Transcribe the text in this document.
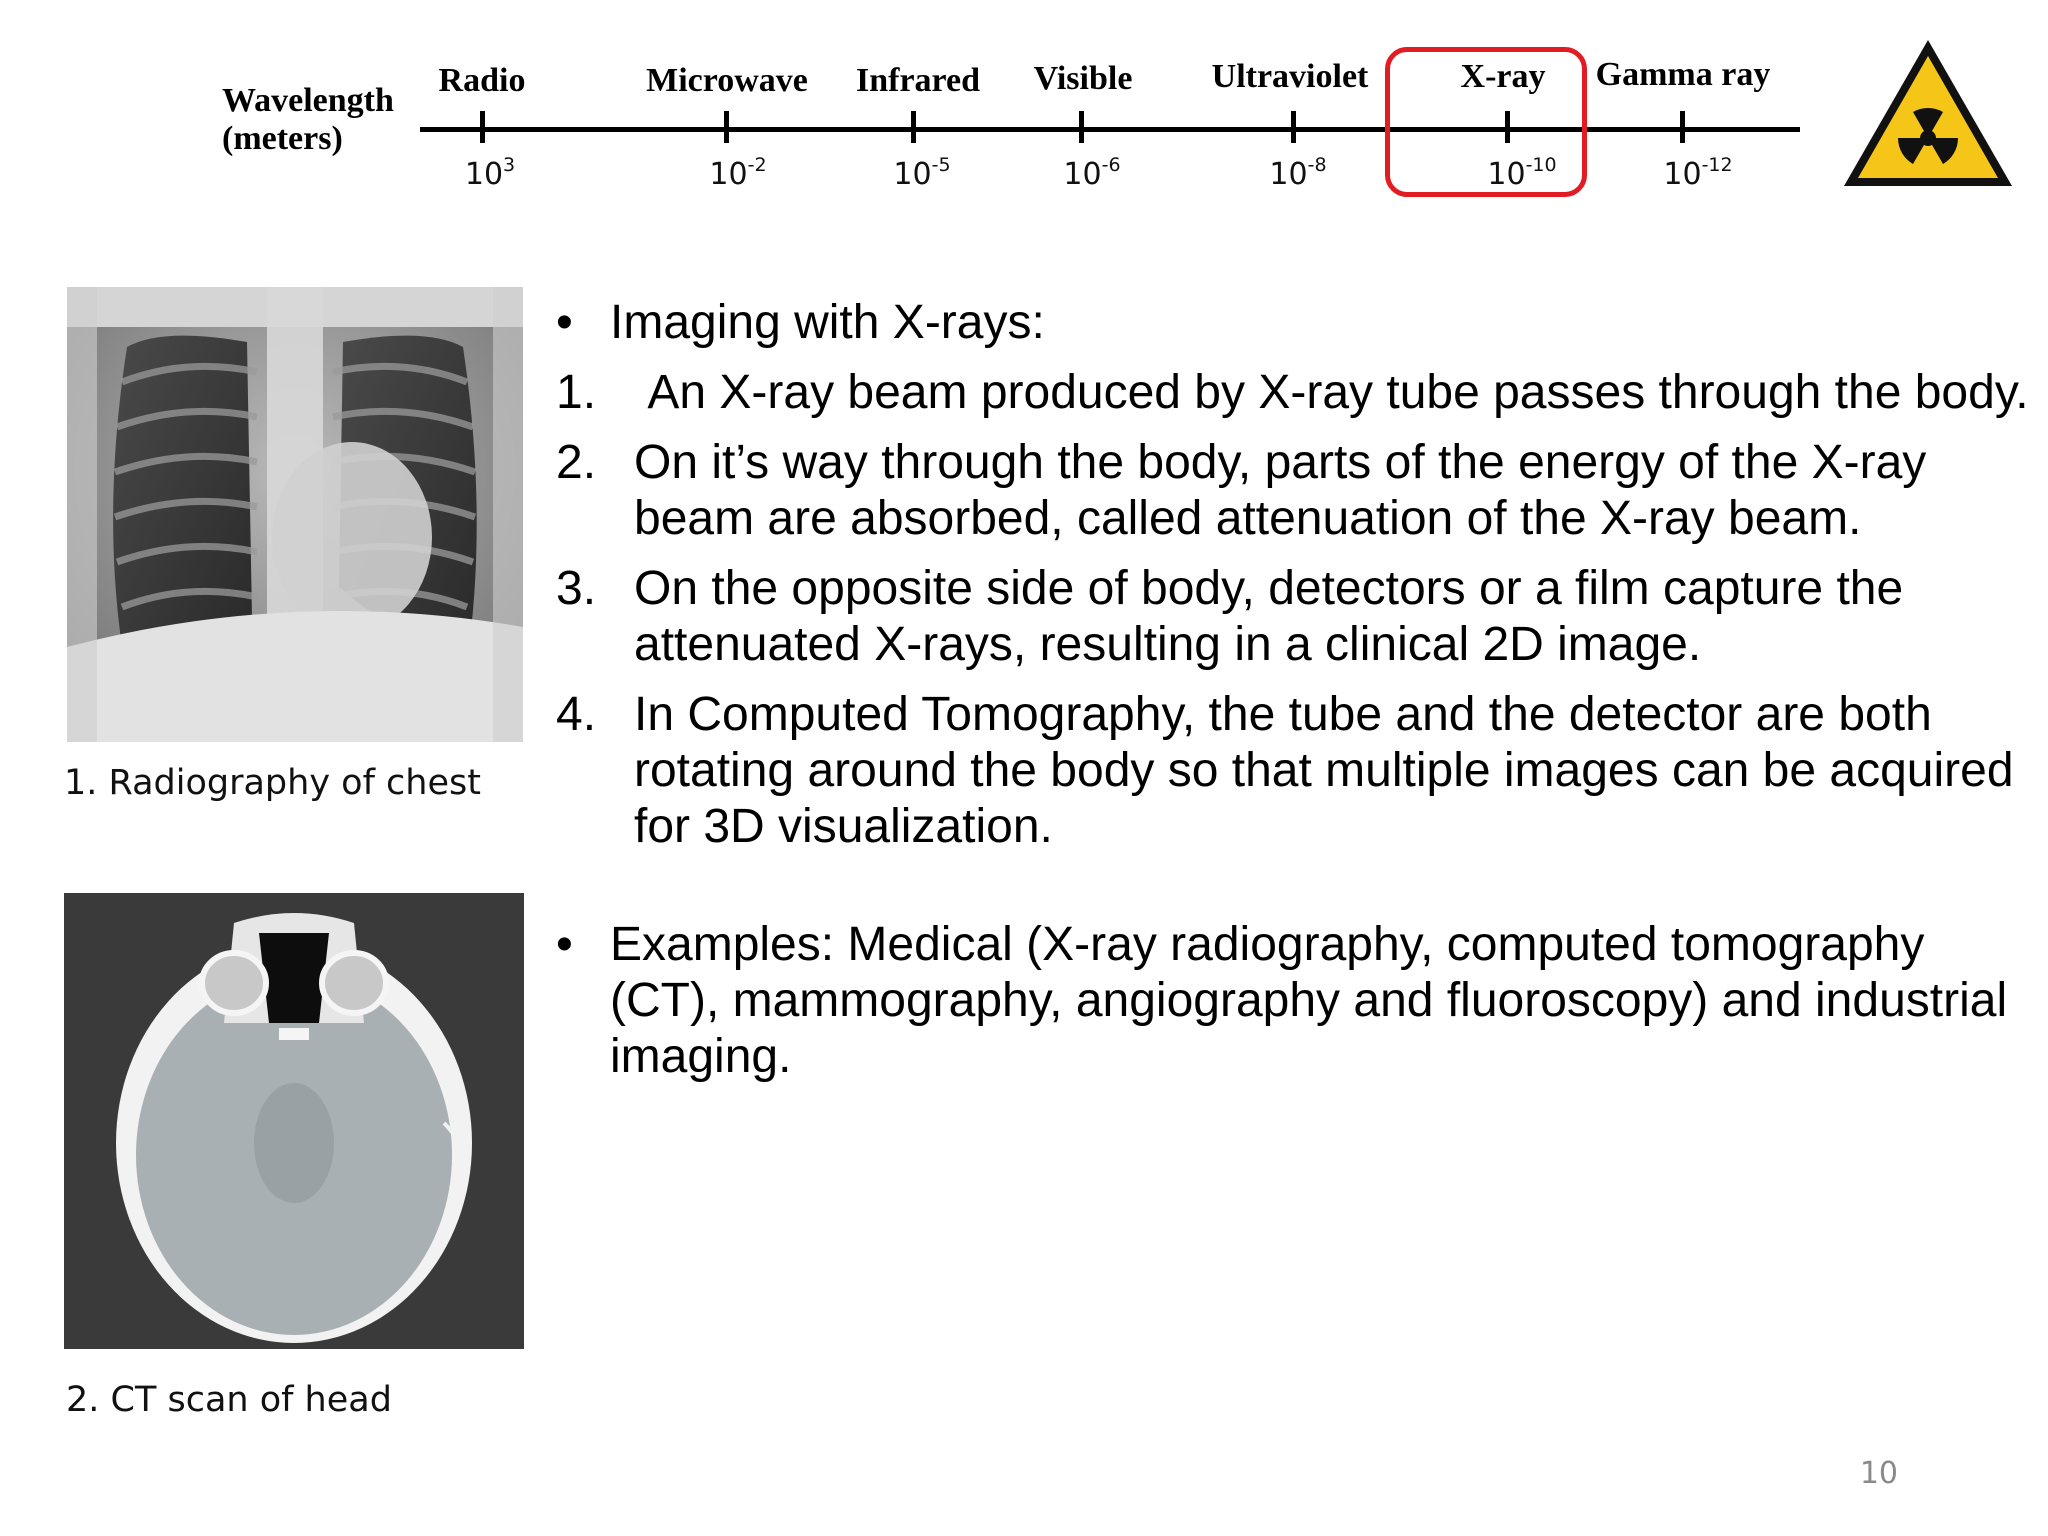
Wavelength
(meters)
Radio	Microwave Infrared Visible Ultraviolet	X-ray Gamma ray
$10^3$	$10^{-2}$	$10^{-5}$	$10^{-6}$	$10^{-8}$	$10^{-10}$	$10^{-12}$
1. Radiography of chest
2. CT scan of head
• Imaging with X-rays:
1. An X-ray beam produced by X-ray tube passes through the body.
2. On it’s way through the body, parts of the energy of the X-ray beam are absorbed, called attenuation of the X-ray beam.
3. On the opposite side of body, detectors or a film capture the attenuated X-rays, resulting in a clinical 2D image.
4. In Computed Tomography, the tube and the detector are both rotating around the body so that multiple images can be acquired for 3D visualization.
• Examples: Medical (X-ray radiography, computed tomography (CT), mammography, angiography and fluoroscopy) and industrial imaging.
10
